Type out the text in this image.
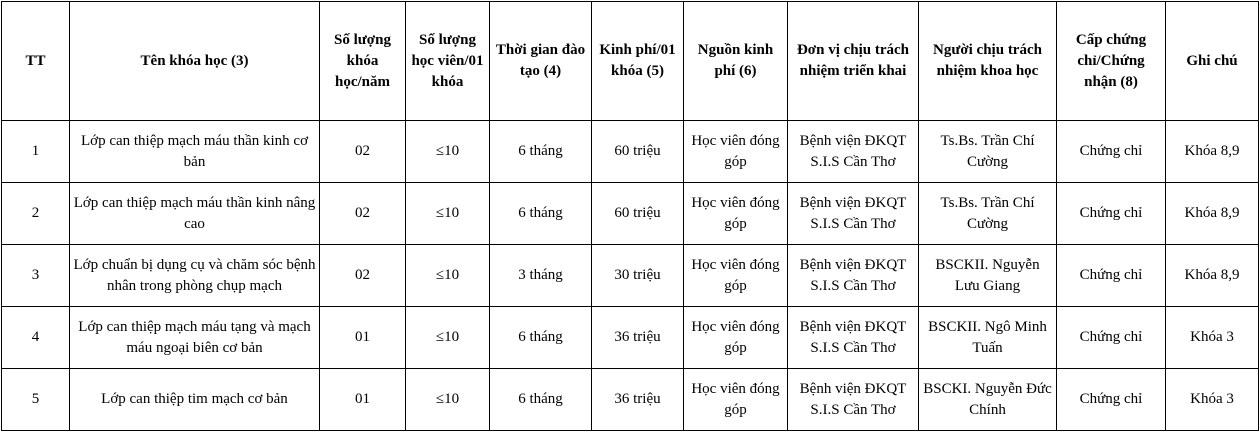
TT	Tên khóa học (3)	Số lượng khóa học/năm	Số lượng học viên/01 khóa	Thời gian đào tạo (4)	Kinh phí/01 khóa (5)	Nguồn kinh phí (6)	Đơn vị chịu trách nhiệm triển khai	Người chịu trách nhiệm khoa học	Cấp chứng chỉ/Chứng nhận (8)	Ghi chú
1	Lớp can thiệp mạch máu thần kinh cơ bản	02	≤10	6 tháng	60 triệu	Học viên đóng góp	Bệnh viện ĐKQT S.I.S Cần Thơ	Ts.Bs. Trần Chí Cường	Chứng chỉ	Khóa 8,9
2	Lớp can thiệp mạch máu thần kinh nâng cao	02	≤10	6 tháng	60 triệu	Học viên đóng góp	Bệnh viện ĐKQT S.I.S Cần Thơ	Ts.Bs. Trần Chí Cường	Chứng chỉ	Khóa 8,9
3	Lớp chuẩn bị dụng cụ và chăm sóc bệnh nhân trong phòng chụp mạch	02	≤10	3 tháng	30 triệu	Học viên đóng góp	Bệnh viện ĐKQT S.I.S Cần Thơ	BSCKII. Nguyễn Lưu Giang	Chứng chỉ	Khóa 8,9
4	Lớp can thiệp mạch máu tạng và mạch máu ngoại biên cơ bản	01	≤10	6 tháng	36 triệu	Học viên đóng góp	Bệnh viện ĐKQT S.I.S Cần Thơ	BSCKII. Ngô Minh Tuấn	Chứng chỉ	Khóa 3
5	Lớp can thiệp tim mạch cơ bản	01	≤10	6 tháng	36 triệu	Học viên đóng góp	Bệnh viện ĐKQT S.I.S Cần Thơ	BSCKI. Nguyễn Đức Chính	Chứng chỉ	Khóa 3
